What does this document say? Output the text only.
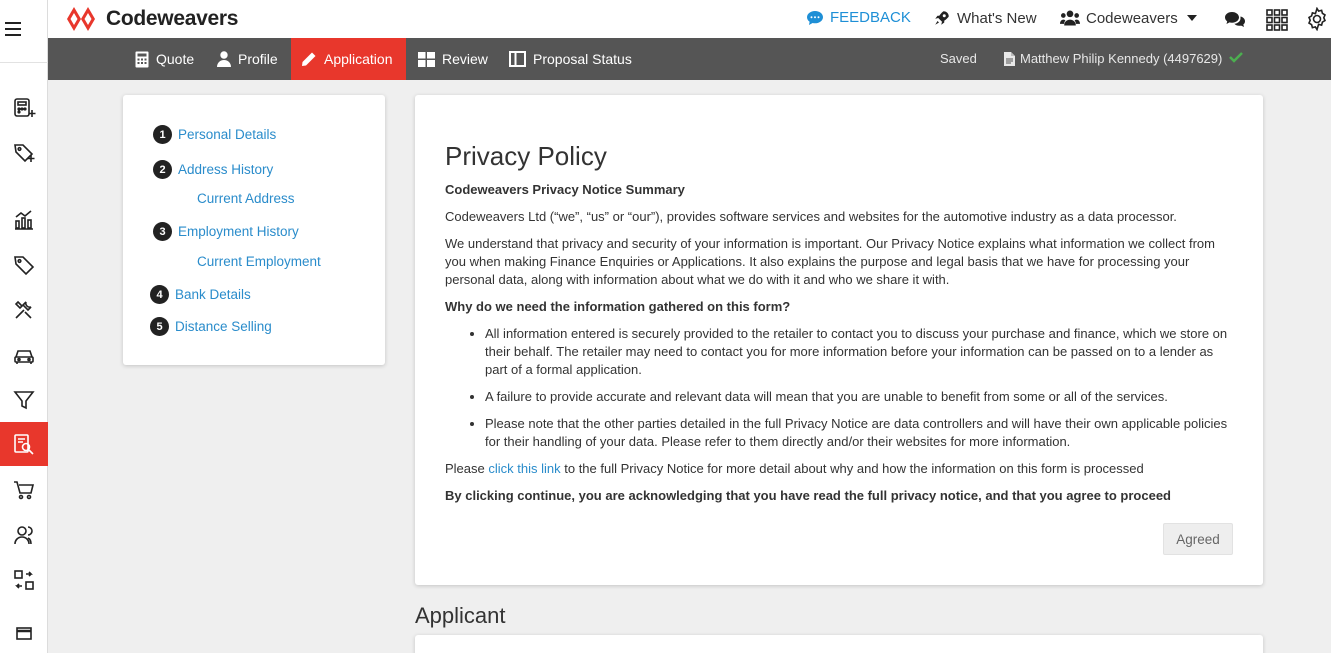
Codeweavers	FEEDBACK	What's New	Codeweavers
Quote	Profile	Application	Review	Proposal Status	Saved	Matthew Philip Kennedy (4497629)
1 Personal Details
2 Address History
Current Address
3 Employment History
Current Employment
4 Bank Details
5 Distance Selling
Privacy Policy

Codeweavers Privacy Notice Summary

Codeweavers Ltd (“we”, “us” or “our”), provides software services and websites for the automotive industry as a data processor.

We understand that privacy and security of your information is important. Our Privacy Notice explains what information we collect from you when making Finance Enquiries or Applications. It also explains the purpose and legal basis that we have for processing your personal data, along with information about what we do with it and who we share it with.

Why do we need the information gathered on this form?

• All information entered is securely provided to the retailer to contact you to discuss your purchase and finance, which we store on their behalf. The retailer may need to contact you for more information before your information can be passed on to a lender as part of a formal application.
• A failure to provide accurate and relevant data will mean that you are unable to benefit from some or all of the services.
• Please note that the other parties detailed in the full Privacy Notice are data controllers and will have their own applicable policies for their handling of your data. Please refer to them directly and/or their websites for more information.

Please click this link to the full Privacy Notice for more detail about why and how the information on this form is processed

By clicking continue, you are acknowledging that you have read the full privacy notice, and that you agree to proceed

Agreed
Applicant
